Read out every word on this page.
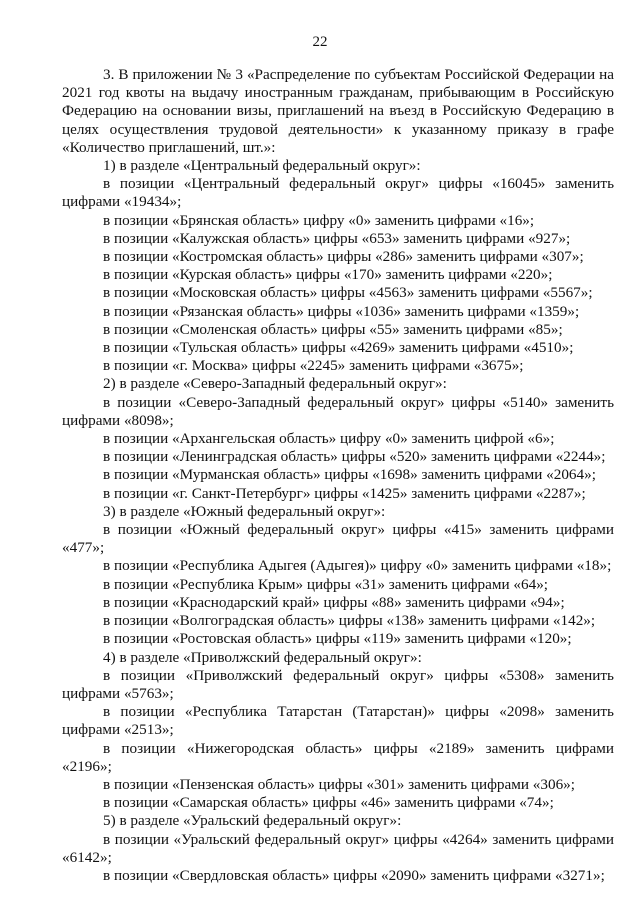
22

3. В приложении № 3 «Распределение по субъектам Российской Федерации на 2021 год квоты на выдачу иностранным гражданам, прибывающим в Российскую Федерацию на основании визы, приглашений на въезд в Российскую Федерацию в целях осуществления трудовой деятельности» к указанному приказу в графе «Количество приглашений, шт.»:

1) в разделе «Центральный федеральный округ»:

в позиции «Центральный федеральный округ» цифры «16045» заменить цифрами «19434»;

в позиции «Брянская область» цифру «0» заменить цифрами «16»;

в позиции «Калужская область» цифры «653» заменить цифрами «927»;

в позиции «Костромская область» цифры «286» заменить цифрами «307»;

в позиции «Курская область» цифры «170» заменить цифрами «220»;

в позиции «Московская область» цифры «4563» заменить цифрами «5567»;

в позиции «Рязанская область» цифры «1036» заменить цифрами «1359»;

в позиции «Смоленская область» цифры «55» заменить цифрами «85»;

в позиции «Тульская область» цифры «4269» заменить цифрами «4510»;

в позиции «г. Москва» цифры «2245» заменить цифрами «3675»;

2) в разделе «Северо-Западный федеральный округ»:

в позиции «Северо-Западный федеральный округ» цифры «5140» заменить цифрами «8098»;

в позиции «Архангельская область» цифру «0» заменить цифрой «6»;

в позиции «Ленинградская область» цифры «520» заменить цифрами «2244»;

в позиции «Мурманская область» цифры «1698» заменить цифрами «2064»;

в позиции «г. Санкт-Петербург» цифры «1425» заменить цифрами «2287»;

3) в разделе «Южный федеральный округ»:

в позиции «Южный федеральный округ» цифры «415» заменить цифрами «477»;

в позиции «Республика Адыгея (Адыгея)» цифру «0» заменить цифрами «18»;

в позиции «Республика Крым» цифры «31» заменить цифрами «64»;

в позиции «Краснодарский край» цифры «88» заменить цифрами «94»;

в позиции «Волгоградская область» цифры «138» заменить цифрами «142»;

в позиции «Ростовская область» цифры «119» заменить цифрами «120»;

4) в разделе «Приволжский федеральный округ»:

в позиции «Приволжский федеральный округ» цифры «5308» заменить цифрами «5763»;

в позиции «Республика Татарстан (Татарстан)» цифры «2098» заменить цифрами «2513»;

в позиции «Нижегородская область» цифры «2189» заменить цифрами «2196»;

в позиции «Пензенская область» цифры «301» заменить цифрами «306»;

в позиции «Самарская область» цифры «46» заменить цифрами «74»;

5) в разделе «Уральский федеральный округ»:

в позиции «Уральский федеральный округ» цифры «4264» заменить цифрами «6142»;

в позиции «Свердловская область» цифры «2090» заменить цифрами «3271»;
